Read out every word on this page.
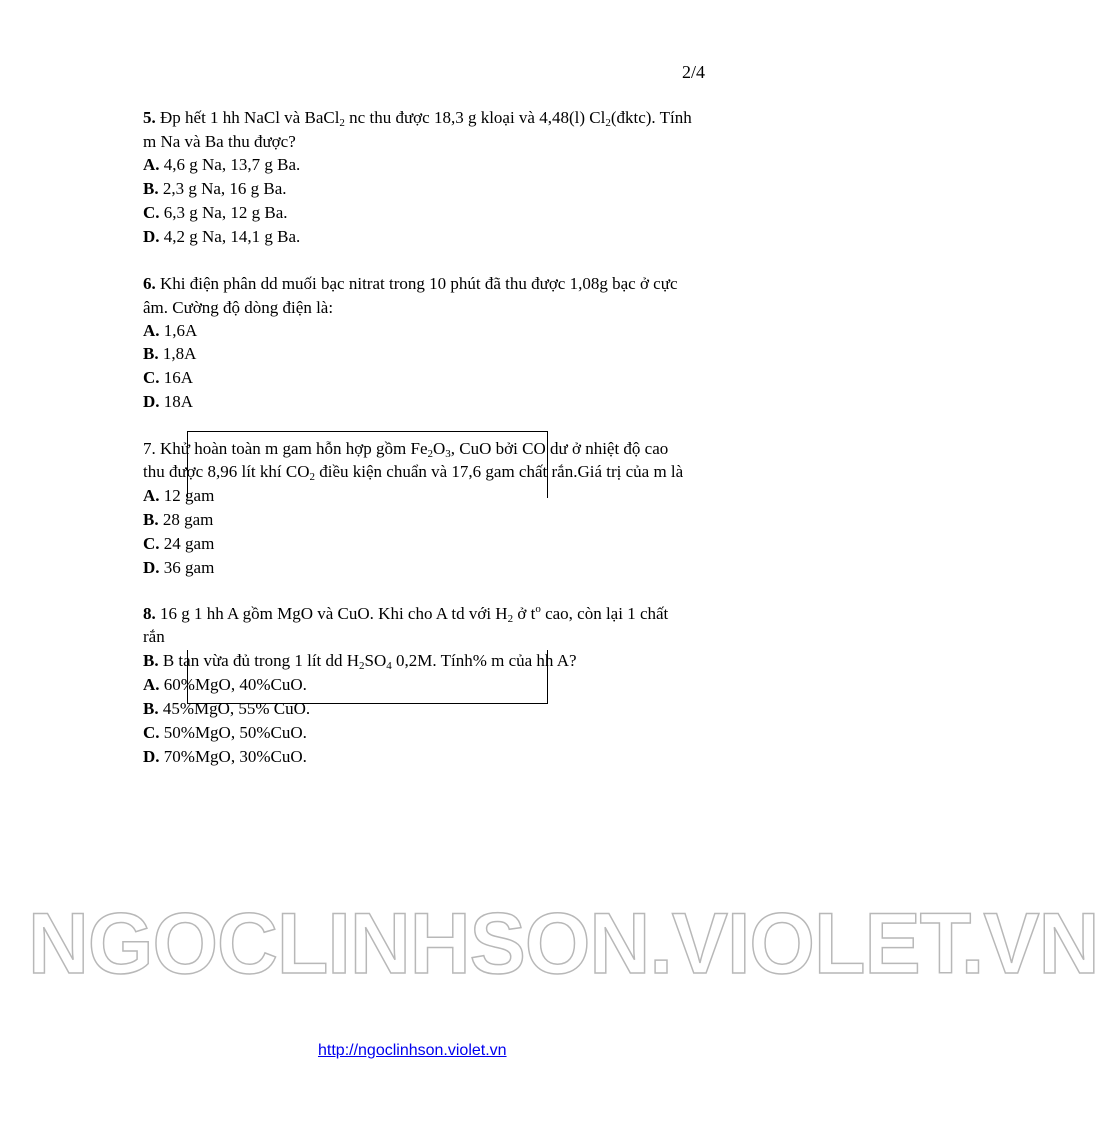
2/4
5. Đp hết 1 hh NaCl và BaCl$_2$ nc thu được 18,3 g kloại và 4,48(l) $Cl_2(đktc)$. Tính
m Na và Ba thu được?
A. 4,6 g Na, 13,7 g Ba.
B. 2,3 g Na, 16 g Ba.
C. 6,3 g Na, 12 g Ba.
D. 4,2 g Na, 14,1 g Ba.
6. Khi điện phân dd muối bạc nitrat trong 10 phút đã thu được 1,08g bạc ở cực
âm. Cường độ dòng điện là:
A. 1,6A
B. 1,8A
C. 16A
D. 18A
7. Khử hoàn toàn m gam hỗn hợp gồm $Fe_2O_3$, CuO bởi CO dư ở nhiệt độ cao
thu được 8,96 lít khí $CO_2$ điều kiện chuẩn và 17,6 gam chất rắn.Giá trị của m là
A. 12 gam
B. 28 gam
C. 24 gam
D. 36 gam
8. 16 g 1 hh A gồm MgO và CuO. Khi cho A td với $H_2$ ở $t^o$ cao, còn lại 1 chất
rắn
B. B tan vừa đủ trong 1 lít dd $H_2SO_4$ 0,2M. Tính% m của hh A?
A. 60%MgO, 40%CuO.
B. 45%MgO, 55% CuO.
C. 50%MgO, 50%CuO.
D. 70%MgO, 30%CuO.
NGOCLINHSON.VIOLET.VN
http://ngoclinhson.violet.vn
